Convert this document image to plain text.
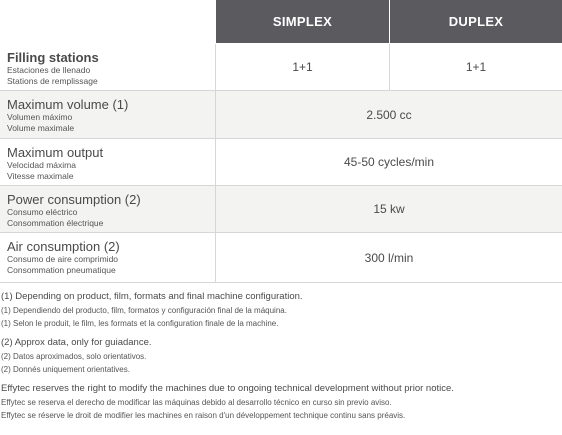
SIMPLEX	DUPLEX
Filling stations
Estaciones de llenado
Stations de remplissage
1+1	1+1
Maximum volume (1)
Volumen máximo
Volume maximale
2.500 cc
Maximum output
Velocidad máxima
Vitesse maximale
45-50 cycles/min
Power consumption (2)
Consumo eléctrico
Consommation électrique
15 kw
Air consumption (2)
Consumo de aire comprimido
Consommation pneumatique
300 l/min
(1) Depending on product, film, formats and final machine configuration.
(1) Dependiendo del producto, film, formatos y configuración final de la máquina.
(1) Selon le produit, le film, les formats et la configuration finale de la machine.
(2) Approx data, only for guiadance.
(2) Datos aproximados, solo orientativos.
(2) Donnés uniquement orientatives.
Effytec reserves the right to modify the machines due to ongoing technical development without prior notice.
Effytec se reserva el derecho de modificar las máquinas debido al desarrollo técnico en curso sin previo aviso.
Effytec se réserve le droit de modifier les machines en raison d'un développement technique continu sans préavis.
